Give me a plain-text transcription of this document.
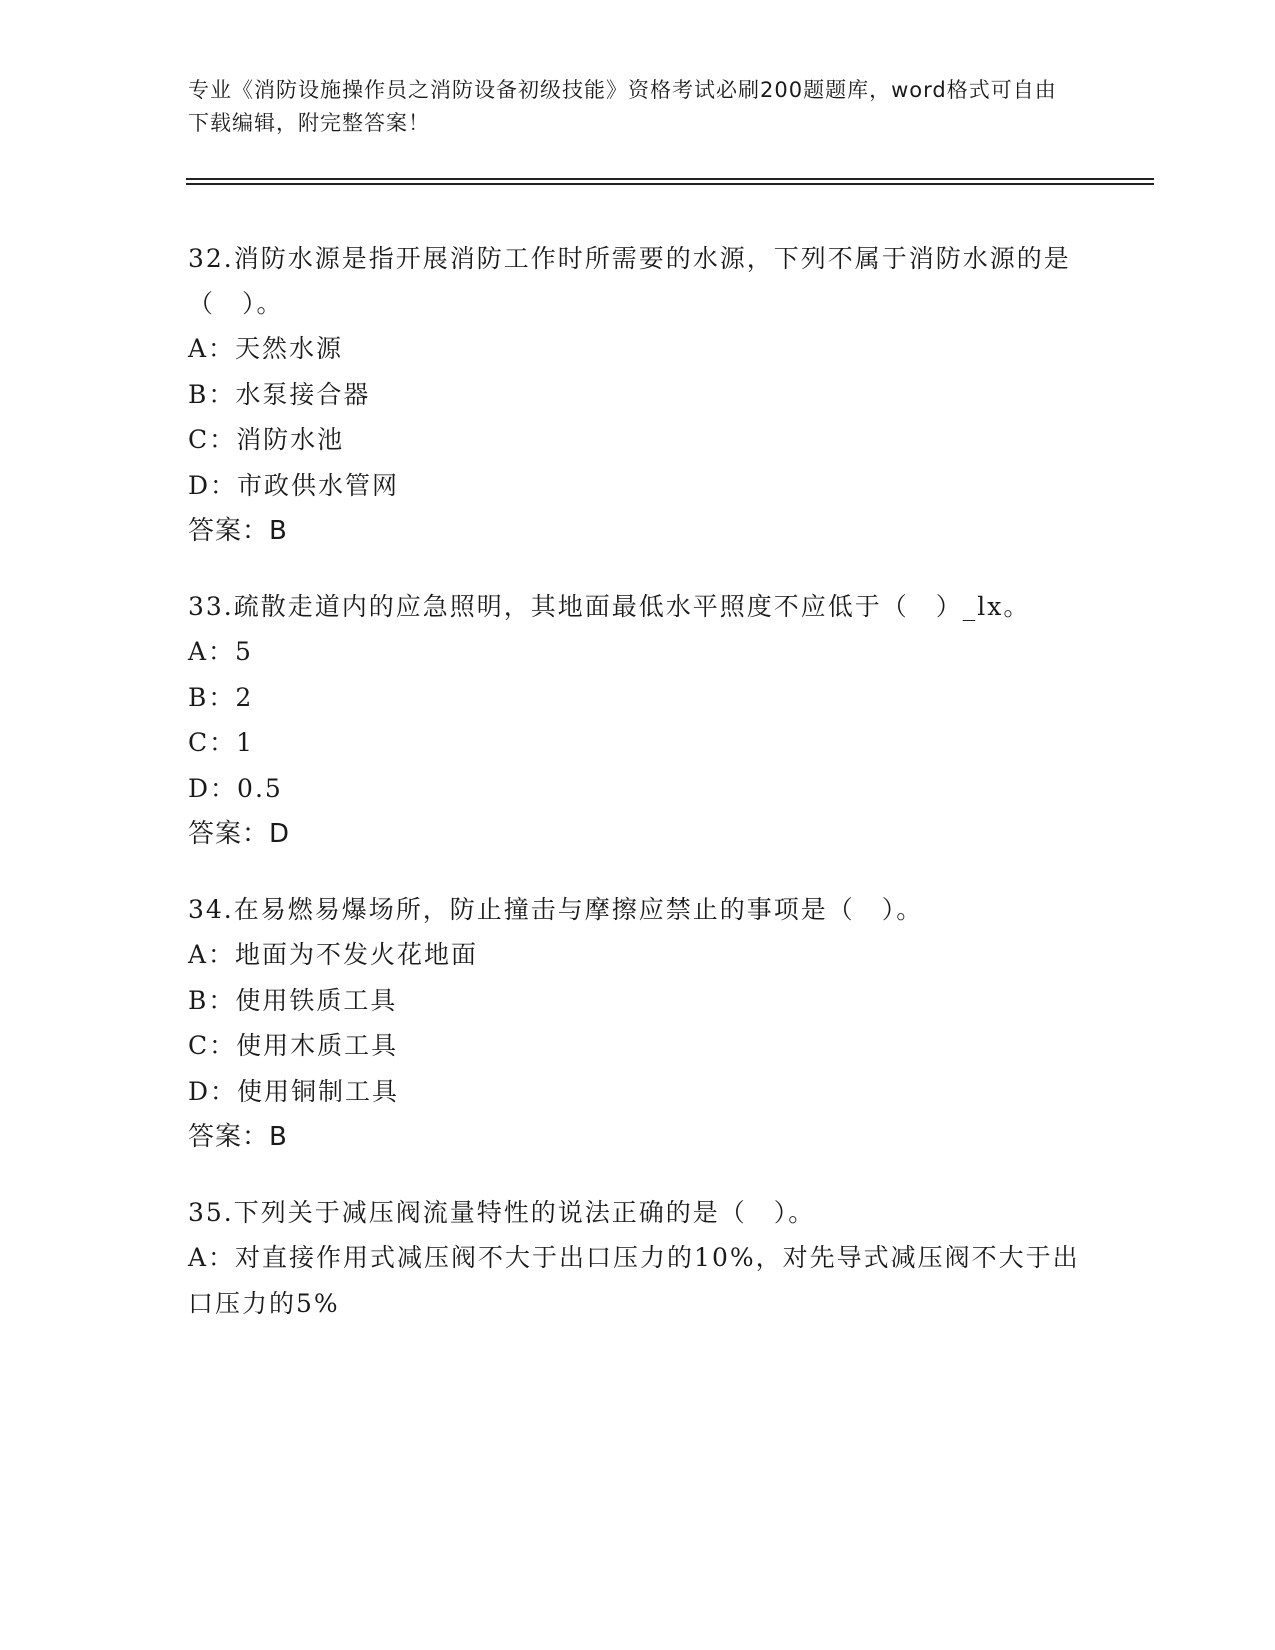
专业《消防设施操作员之消防设备初级技能》资格考试必刷200题题库，word格式可自由下载编辑，附完整答案！
32.消防水源是指开展消防工作时所需要的水源，下列不属于消防水源的是（　）。
A：天然水源
B：水泵接合器
C：消防水池
D：市政供水管网
答案：B
33.疏散走道内的应急照明，其地面最低水平照度不应低于（　）_lx。
A：5
B：2
C：1
D：0.5
答案：D
34.在易燃易爆场所，防止撞击与摩擦应禁止的事项是（　）。
A：地面为不发火花地面
B：使用铁质工具
C：使用木质工具
D：使用铜制工具
答案：B
35.下列关于减压阀流量特性的说法正确的是（　）。
A：对直接作用式减压阀不大于出口压力的10%，对先导式减压阀不大于出口压力的5%
